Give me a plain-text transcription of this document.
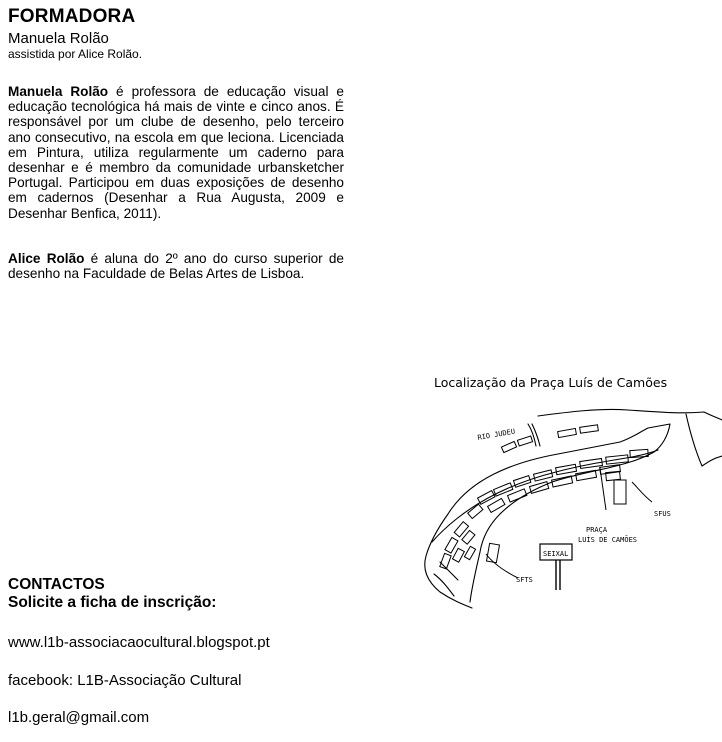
FORMADORA
Manuela Rolão
assistida por Alice Rolão.

Manuela Rolão é professora de educação visual e educação tecnológica há mais de vinte e cinco anos. É responsável por um clube de desenho, pelo terceiro ano consecutivo, na escola em que leciona. Licenciada em Pintura, utiliza regularmente um caderno para desenhar e é membro da comunidade urbansketcher Portugal. Participou em duas exposições de desenho em cadernos (Desenhar a Rua Augusta, 2009 e Desenhar Benfica, 2011).

Alice Rolão é aluna do 2º ano do curso superior de desenho na Faculdade de Belas Artes de Lisboa.

Localização da Praça Luís de Camões
RIO JUDEU
SFUS
PRAÇA
LUÍS DE CAMÕES
SEIXAL
SFTS
CONTACTOS
Solicite a ficha de inscrição:
www.l1b-associacaocultural.blogspot.pt
facebook: L1B-Associação Cultural
l1b.geral@gmail.com
